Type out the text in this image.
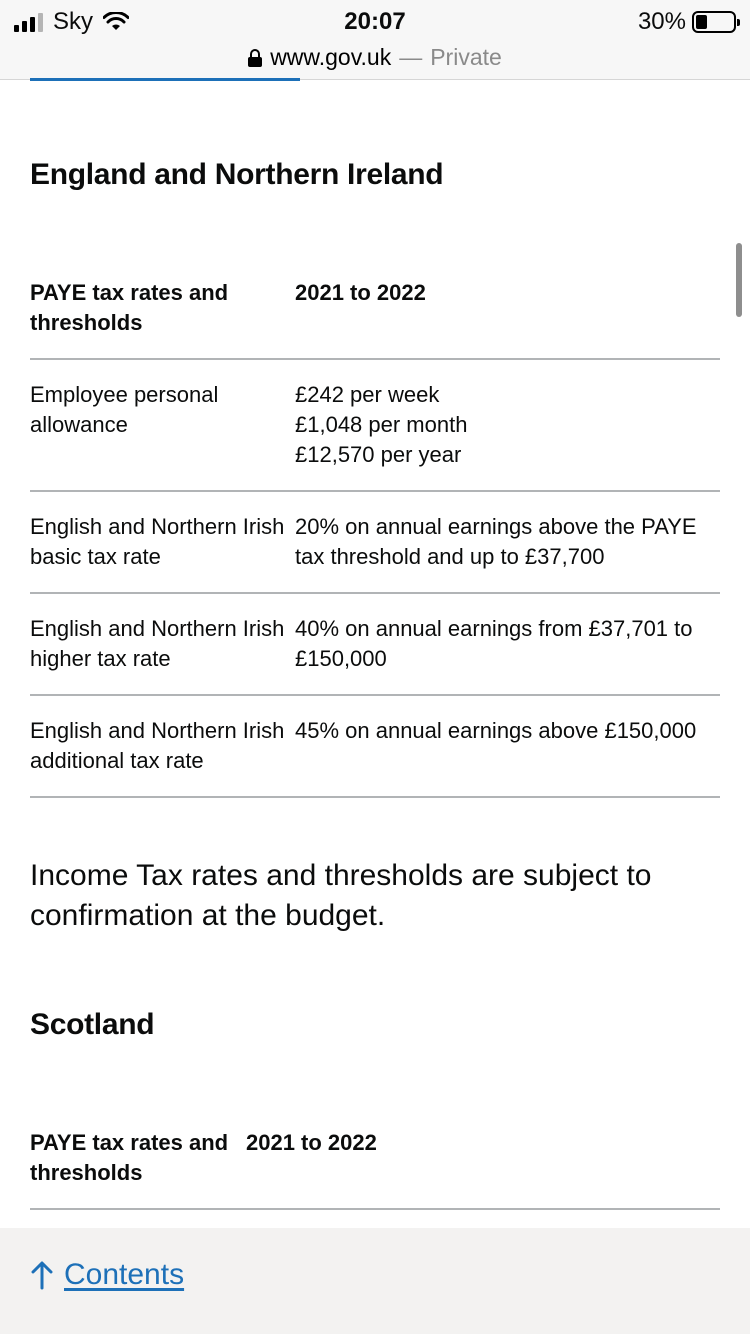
Sky	20:07	30%
www.gov.uk — Private
England and Northern Ireland
PAYE tax rates and thresholds
2021 to 2022
Employee personal allowance
£242 per week
£1,048 per month
£12,570 per year
English and Northern Irish basic tax rate
20% on annual earnings above the PAYE tax threshold and up to £37,700
English and Northern Irish higher tax rate
40% on annual earnings from £37,701 to £150,000
English and Northern Irish additional tax rate
45% on annual earnings above £150,000

Income Tax rates and thresholds are subject to confirmation at the budget.

Scotland
PAYE tax rates and thresholds
2021 to 2022
Contents
